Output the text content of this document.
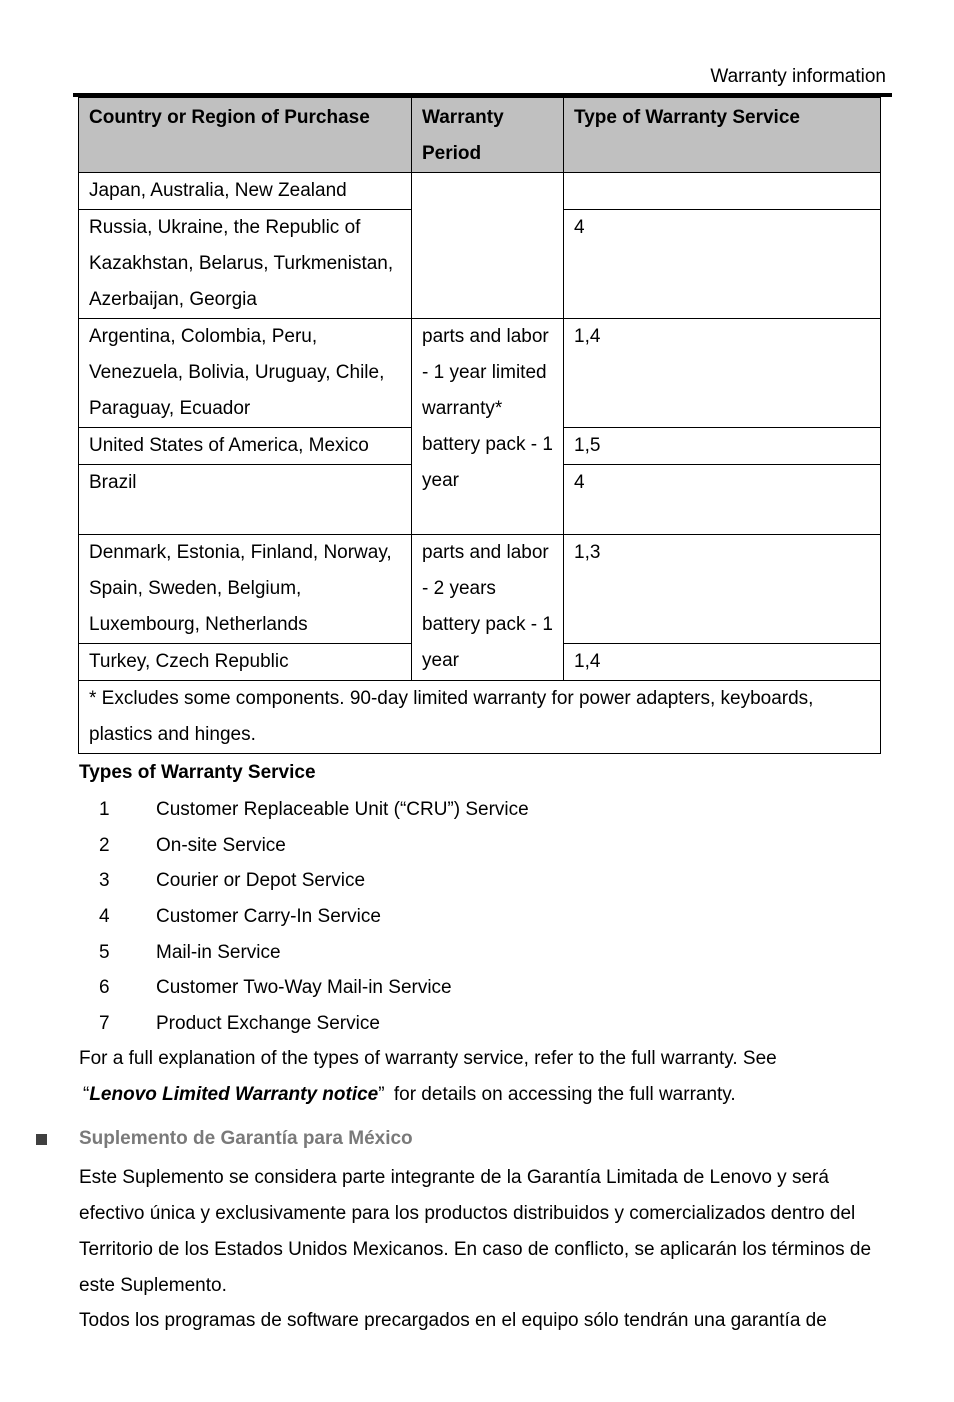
Warranty information
Country or Region of Purchase	Warranty Period	Type of Warranty Service
Japan, Australia, New Zealand		
Russia, Ukraine, the Republic of Kazakhstan, Belarus, Turkmenistan, Azerbaijan, Georgia		4
Argentina, Colombia, Peru, Venezuela, Bolivia, Uruguay, Chile, Paraguay, Ecuador	parts and labor - 1 year limited warranty* battery pack - 1 year	1,4
United States of America, Mexico		1,5
Brazil		4
Denmark, Estonia, Finland, Norway, Spain, Sweden, Belgium, Luxembourg, Netherlands	parts and labor - 2 years battery pack - 1 year	1,3
Turkey, Czech Republic		1,4
* Excludes some components. 90-day limited warranty for power adapters, keyboards, plastics and hinges.		
Types of Warranty Service
1 Customer Replaceable Unit (“CRU”) Service
2 On-site Service
3 Courier or Depot Service
4 Customer Carry-In Service
5 Mail-in Service
6 Customer Two-Way Mail-in Service
7 Product Exchange Service

For a full explanation of the types of warranty service, refer to the full warranty. See
“Lenovo Limited Warranty notice” for details on accessing the full warranty.

Suplemento de Garantía para México

Este Suplemento se considera parte integrante de la Garantía Limitada de Lenovo y será efectivo única y exclusivamente para los productos distribuidos y comercializados dentro del Territorio de los Estados Unidos Mexicanos. En caso de conflicto, se aplicarán los términos de este Suplemento.

Todos los programas de software precargados en el equipo sólo tendrán una garantía de
